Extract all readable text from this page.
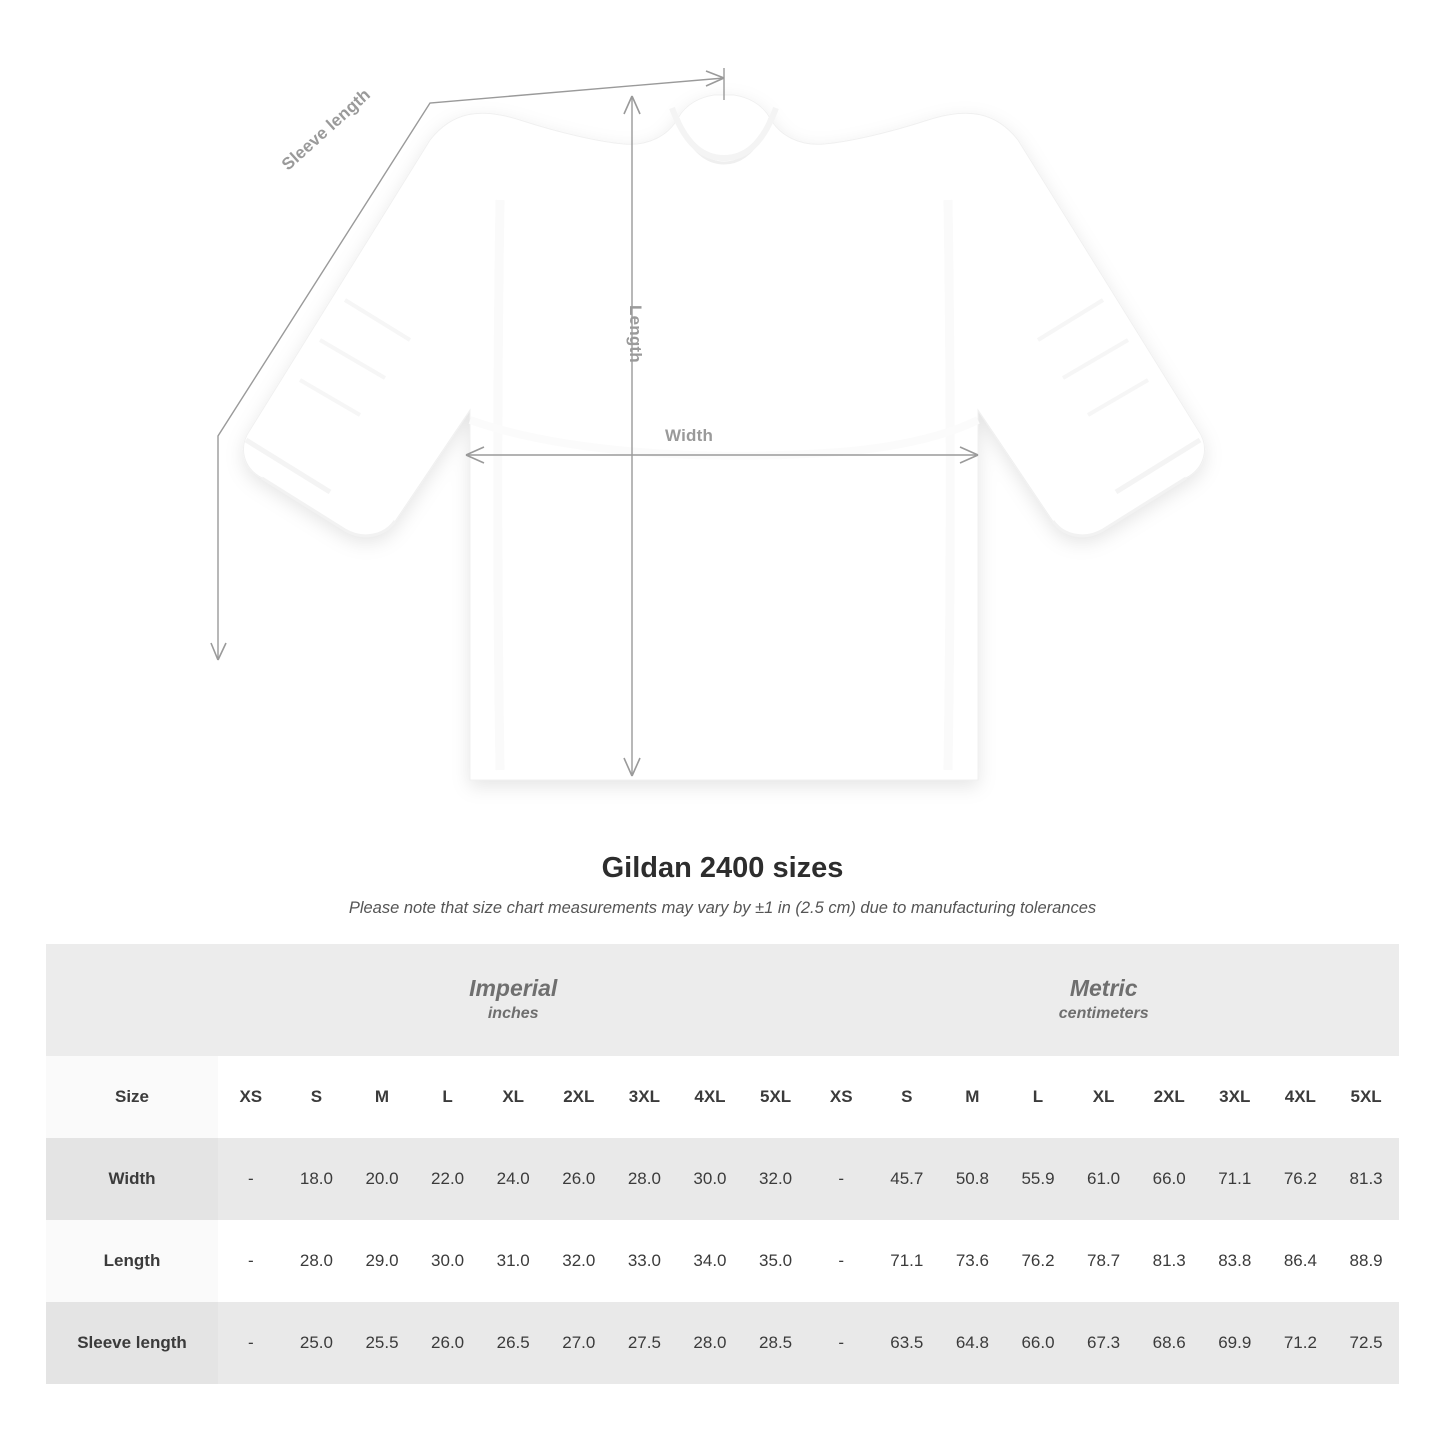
Sleeve length
Length
Width
Gildan 2400 sizes

Please note that size chart measurements may vary by ±1 in (2.5 cm) due to manufacturing tolerances

Imperial
inches

Metric
centimeters

Size	XS	S	M	L	XL	2XL	3XL	4XL	5XL	XS	S	M	L	XL	2XL	3XL	4XL	5XL
Width	-	18.0	20.0	22.0	24.0	26.0	28.0	30.0	32.0	-	45.7	50.8	55.9	61.0	66.0	71.1	76.2	81.3
Length	-	28.0	29.0	30.0	31.0	32.0	33.0	34.0	35.0	-	71.1	73.6	76.2	78.7	81.3	83.8	86.4	88.9
Sleeve length	-	25.0	25.5	26.0	26.5	27.0	27.5	28.0	28.5	-	63.5	64.8	66.0	67.3	68.6	69.9	71.2	72.5
